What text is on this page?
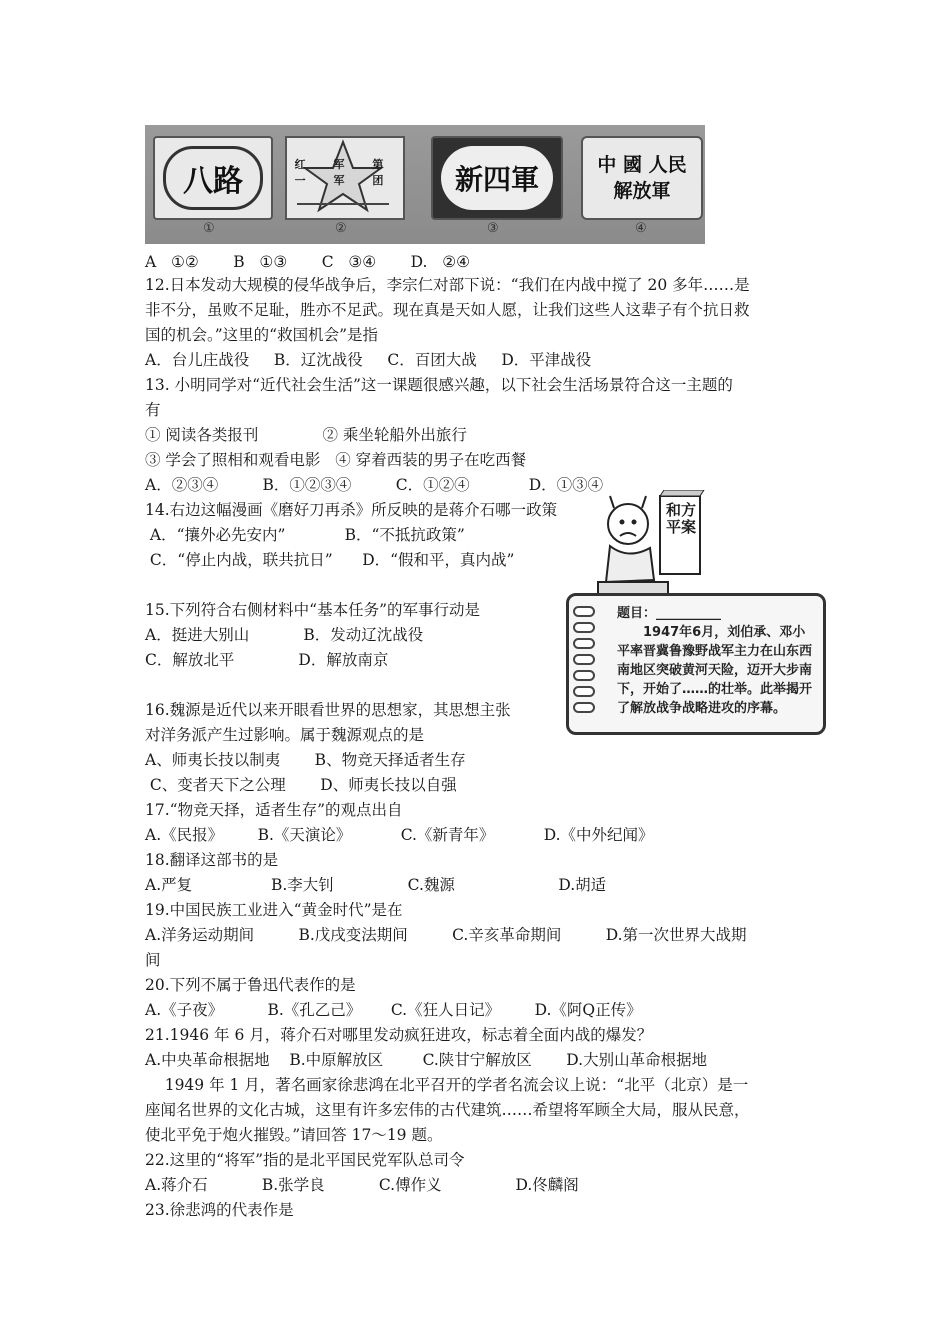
八路
①
红 军 第 一 军 团
②
新四軍
③
中 國 人民解放軍
④
和方平案
题目：__________
1947年6月，刘伯承、邓小平率晋冀鲁豫野战军主力在山东西南地区突破黄河天险，迈开大步南下，开始了……的壮举。此举揭开了解放战争战略进攻的序幕。
A   ①②       B   ①③       C   ③④       D.   ②④
12.日本发动大规模的侵华战争后，李宗仁对部下说：“我们在内战中搅了 20 多年……是
非不分，虽败不足耻，胜亦不足武。现在真是天如人愿，让我们这些人这辈子有个抗日救
国的机会。”这里的“救国机会”是指
A．台儿庄战役     B．辽沈战役     C．百团大战     D．平津战役
13. 小明同学对“近代社会生活”这一课题很感兴趣，以下社会生活场景符合这一主题的
有
① 阅读各类报刊             ② 乘坐轮船外出旅行
③ 学会了照相和观看电影   ④ 穿着西装的男子在吃西餐
A．②③④         B．①②③④         C．①②④            D．①③④
14.右边这幅漫画《磨好刀再杀》所反映的是蒋介石哪一政策
A．“攘外必先安内”            B．“不抵抗政策”
C．“停止内战，联共抗日”      D．“假和平，真内战”
15.下列符合右侧材料中“基本任务”的军事行动是
A．挺进大别山           B．发动辽沈战役
C．解放北平             D．解放南京
16.魏源是近代以来开眼看世界的思想家，其思想主张
对洋务派产生过影响。属于魏源观点的是
A、师夷长技以制夷       B、物竞天择适者生存
C、变者天下之公理       D、师夷长技以自强
17.“物竞天择，适者生存”的观点出自
A.《民报》       B.《天演论》          C.《新青年》          D.《中外纪闻》
18.翻译这部书的是
A.严复                B.李大钊               C.魏源                     D.胡适
19.中国民族工业进入“黄金时代”是在
A.洋务运动期间         B.戊戌变法期间         C.辛亥革命期间         D.第一次世界大战期
间
20.下列不属于鲁迅代表作的是
A.《子夜》         B.《孔乙己》      C.《狂人日记》       D.《阿Q正传》
21.1946 年 6 月，蒋介石对哪里发动疯狂进攻，标志着全面内战的爆发？
A.中央革命根据地    B.中原解放区        C.陕甘宁解放区       D.大别山革命根据地
1949 年 1 月，著名画家徐悲鸿在北平召开的学者名流会议上说：“北平（北京）是一
座闻名世界的文化古城，这里有许多宏伟的古代建筑……希望将军顾全大局，服从民意，
使北平免于炮火摧毁。”请回答 17～19 题。
22.这里的“将军”指的是北平国民党军队总司令
A.蒋介石           B.张学良           C.傅作义               D.佟麟阁
23.徐悲鸿的代表作是
